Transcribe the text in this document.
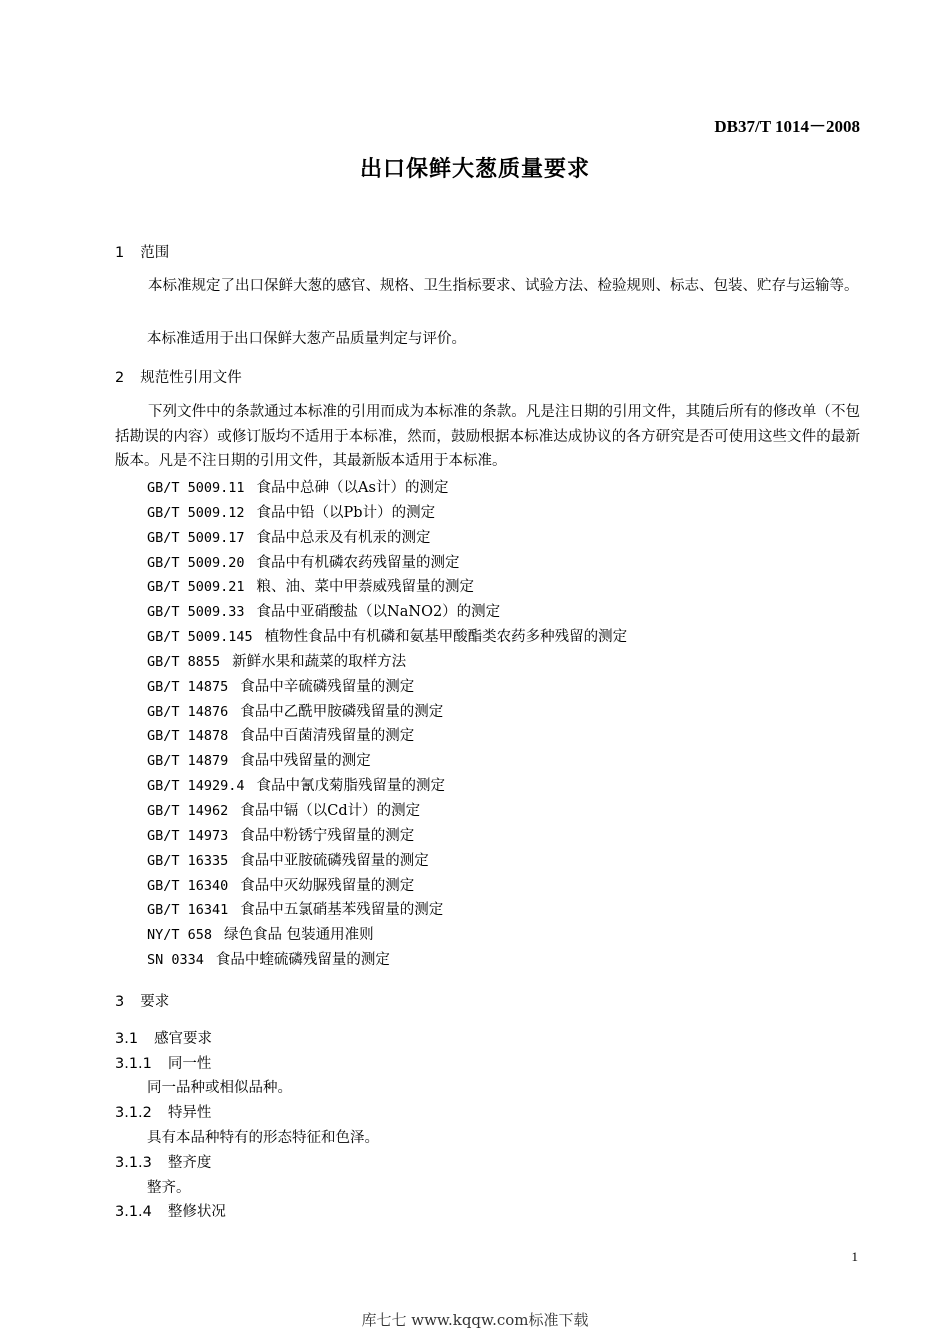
DB37/T 1014－2008
出口保鲜大葱质量要求
1 范围
本标准规定了出口保鲜大葱的感官、规格、卫生指标要求、试验方法、检验规则、标志、包装、贮存与运输等。
本标准适用于出口保鲜大葱产品质量判定与评价。
2 规范性引用文件
下列文件中的条款通过本标准的引用而成为本标准的条款。凡是注日期的引用文件，其随后所有的修改单（不包括勘误的内容）或修订版均不适用于本标准，然而，鼓励根据本标准达成协议的各方研究是否可使用这些文件的最新版本。凡是不注日期的引用文件，其最新版本适用于本标准。
GB/T 5009.11 食品中总砷（以As计）的测定
GB/T 5009.12 食品中铅（以Pb计）的测定
GB/T 5009.17 食品中总汞及有机汞的测定
GB/T 5009.20 食品中有机磷农药残留量的测定
GB/T 5009.21 粮、油、菜中甲萘威残留量的测定
GB/T 5009.33 食品中亚硝酸盐（以NaNO2）的测定
GB/T 5009.145 植物性食品中有机磷和氨基甲酸酯类农药多种残留的测定
GB/T 8855 新鲜水果和蔬菜的取样方法
GB/T 14875 食品中辛硫磷残留量的测定
GB/T 14876 食品中乙酰甲胺磷残留量的测定
GB/T 14878 食品中百菌清残留量的测定
GB/T 14879 食品中残留量的测定
GB/T 14929.4 食品中氰戊菊脂残留量的测定
GB/T 14962 食品中镉（以Cd计）的测定
GB/T 14973 食品中粉锈宁残留量的测定
GB/T 16335 食品中亚胺硫磷残留量的测定
GB/T 16340 食品中灭幼脲残留量的测定
GB/T 16341 食品中五氯硝基苯残留量的测定
NY/T 658 绿色食品 包装通用准则
SN 0334 食品中蝰硫磷残留量的测定
3 要求
3.1 感官要求
3.1.1 同一性
同一品种或相似品种。
3.1.2 特异性
具有本品种特有的形态特征和色泽。
3.1.3 整齐度
整齐。
3.1.4 整修状况
1
库七七 www.kqqw.com标准下载
